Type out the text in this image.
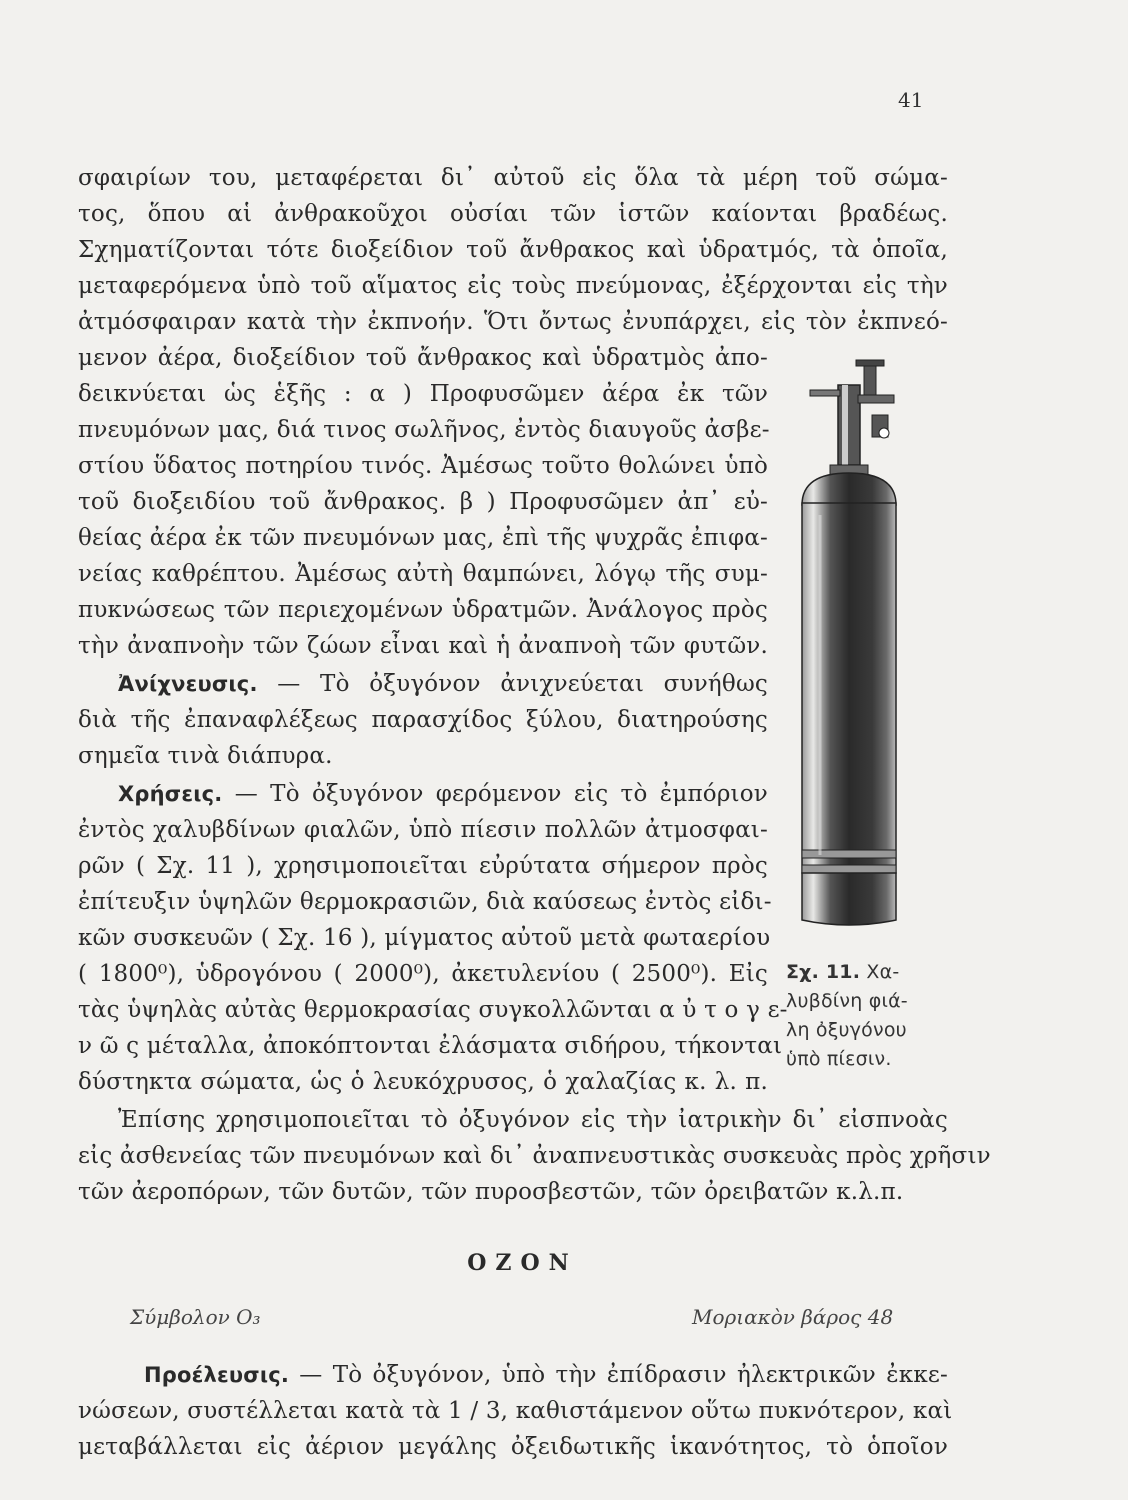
41
σφαιρίων του, μεταφέρεται δι᾽ αὐτοῦ εἰς ὅλα τὰ μέρη τοῦ σώμα-
τος, ὅπου αἱ ἀνθρακοῦχοι οὐσίαι τῶν ἱστῶν καίονται βραδέως.
Σχηματίζονται τότε διοξείδιον τοῦ ἄνθρακος καὶ ὑδρατμός, τὰ ὁποῖα,
μεταφερόμενα ὑπὸ τοῦ αἵματος εἰς τοὺς πνεύμονας, ἐξέρχονται εἰς τὴν
ἀτμόσφαιραν κατὰ τὴν ἐκπνοήν. Ὅτι ὄντως ἐνυπάρχει, εἰς τὸν ἐκπνεό-
μενον ἀέρα, διοξείδιον τοῦ ἄνθρακος καὶ ὑδρατμὸς ἀπο-
δεικνύεται ὡς ἑξῆς : α ) Προφυσῶμεν ἀέρα ἐκ τῶν
πνευμόνων μας, διά τινος σωλῆνος, ἐντὸς διαυγοῦς ἀσβε-
στίου ὕδατος ποτηρίου τινός. Ἀμέσως τοῦτο θολώνει ὑπὸ
τοῦ διοξειδίου τοῦ ἄνθρακος. β ) Προφυσῶμεν ἀπ᾽ εὐ-
θείας ἀέρα ἐκ τῶν πνευμόνων μας, ἐπὶ τῆς ψυχρᾶς ἐπιφα-
νείας καθρέπτου. Ἀμέσως αὐτὴ θαμπώνει, λόγῳ τῆς συμ-
πυκνώσεως τῶν περιεχομένων ὑδρατμῶν. Ἀνάλογος πρὸς
τὴν ἀναπνοὴν τῶν ζώων εἶναι καὶ ἡ ἀναπνοὴ τῶν φυτῶν.
Ἀνίχνευσις. — Τὸ ὀξυγόνον ἀνιχνεύεται συνήθως
διὰ τῆς ἐπαναφλέξεως παρασχίδος ξύλου, διατηρούσης
σημεῖα τινὰ διάπυρα.
Χρήσεις. — Τὸ ὀξυγόνον φερόμενον εἰς τὸ ἐμπόριον
ἐντὸς χαλυβδίνων φιαλῶν, ὑπὸ πίεσιν πολλῶν ἀτμοσφαι-
ρῶν ( Σχ. 11 ), χρησιμοποιεῖται εὐρύτατα σήμερον πρὸς
ἐπίτευξιν ὑψηλῶν θερμοκρασιῶν, διὰ καύσεως ἐντὸς εἰδι-
κῶν συσκευῶν ( Σχ. 16 ), μίγματος αὐτοῦ μετὰ φωταερίου
( 1800⁰), ὑδρογόνου ( 2000⁰), ἀκετυλενίου ( 2500⁰). Εἰς
τὰς ὑψηλὰς αὐτὰς θερμοκρασίας συγκολλῶνται α ὐ τ ο γ ε-
ν ῶ ς μέταλλα, ἀποκόπτονται ἐλάσματα σιδήρου, τήκονται
δύστηκτα σώματα, ὡς ὁ λευκόχρυσος, ὁ χαλαζίας κ. λ. π.
Ἐπίσης χρησιμοποιεῖται τὸ ὀξυγόνον εἰς τὴν ἰατρικὴν δι᾽ εἰσπνοὰς
εἰς ἀσθενείας τῶν πνευμόνων καὶ δι᾽ ἀναπνευστικὰς συσκευὰς πρὸς χρῆσιν
τῶν ἀεροπόρων, τῶν δυτῶν, τῶν πυροσβεστῶν, τῶν ὀρειβατῶν κ.λ.π.
Σχ. 11. Χα-
λυβδίνη φιά-
λη ὀξυγόνου
ὑπὸ πίεσιν.
ΟΖΟΝ
Σύμβολον O₃	Μοριακὸν βάρος 48
Προέλευσις. — Τὸ ὀξυγόνον, ὑπὸ τὴν ἐπίδρασιν ἠλεκτρικῶν ἐκκε-
νώσεων, συστέλλεται κατὰ τὰ 1 / 3, καθιστάμενον οὕτω πυκνότερον, καὶ
μεταβάλλεται εἰς ἀέριον μεγάλης ὀξειδωτικῆς ἱκανότητος, τὸ ὁποῖον
